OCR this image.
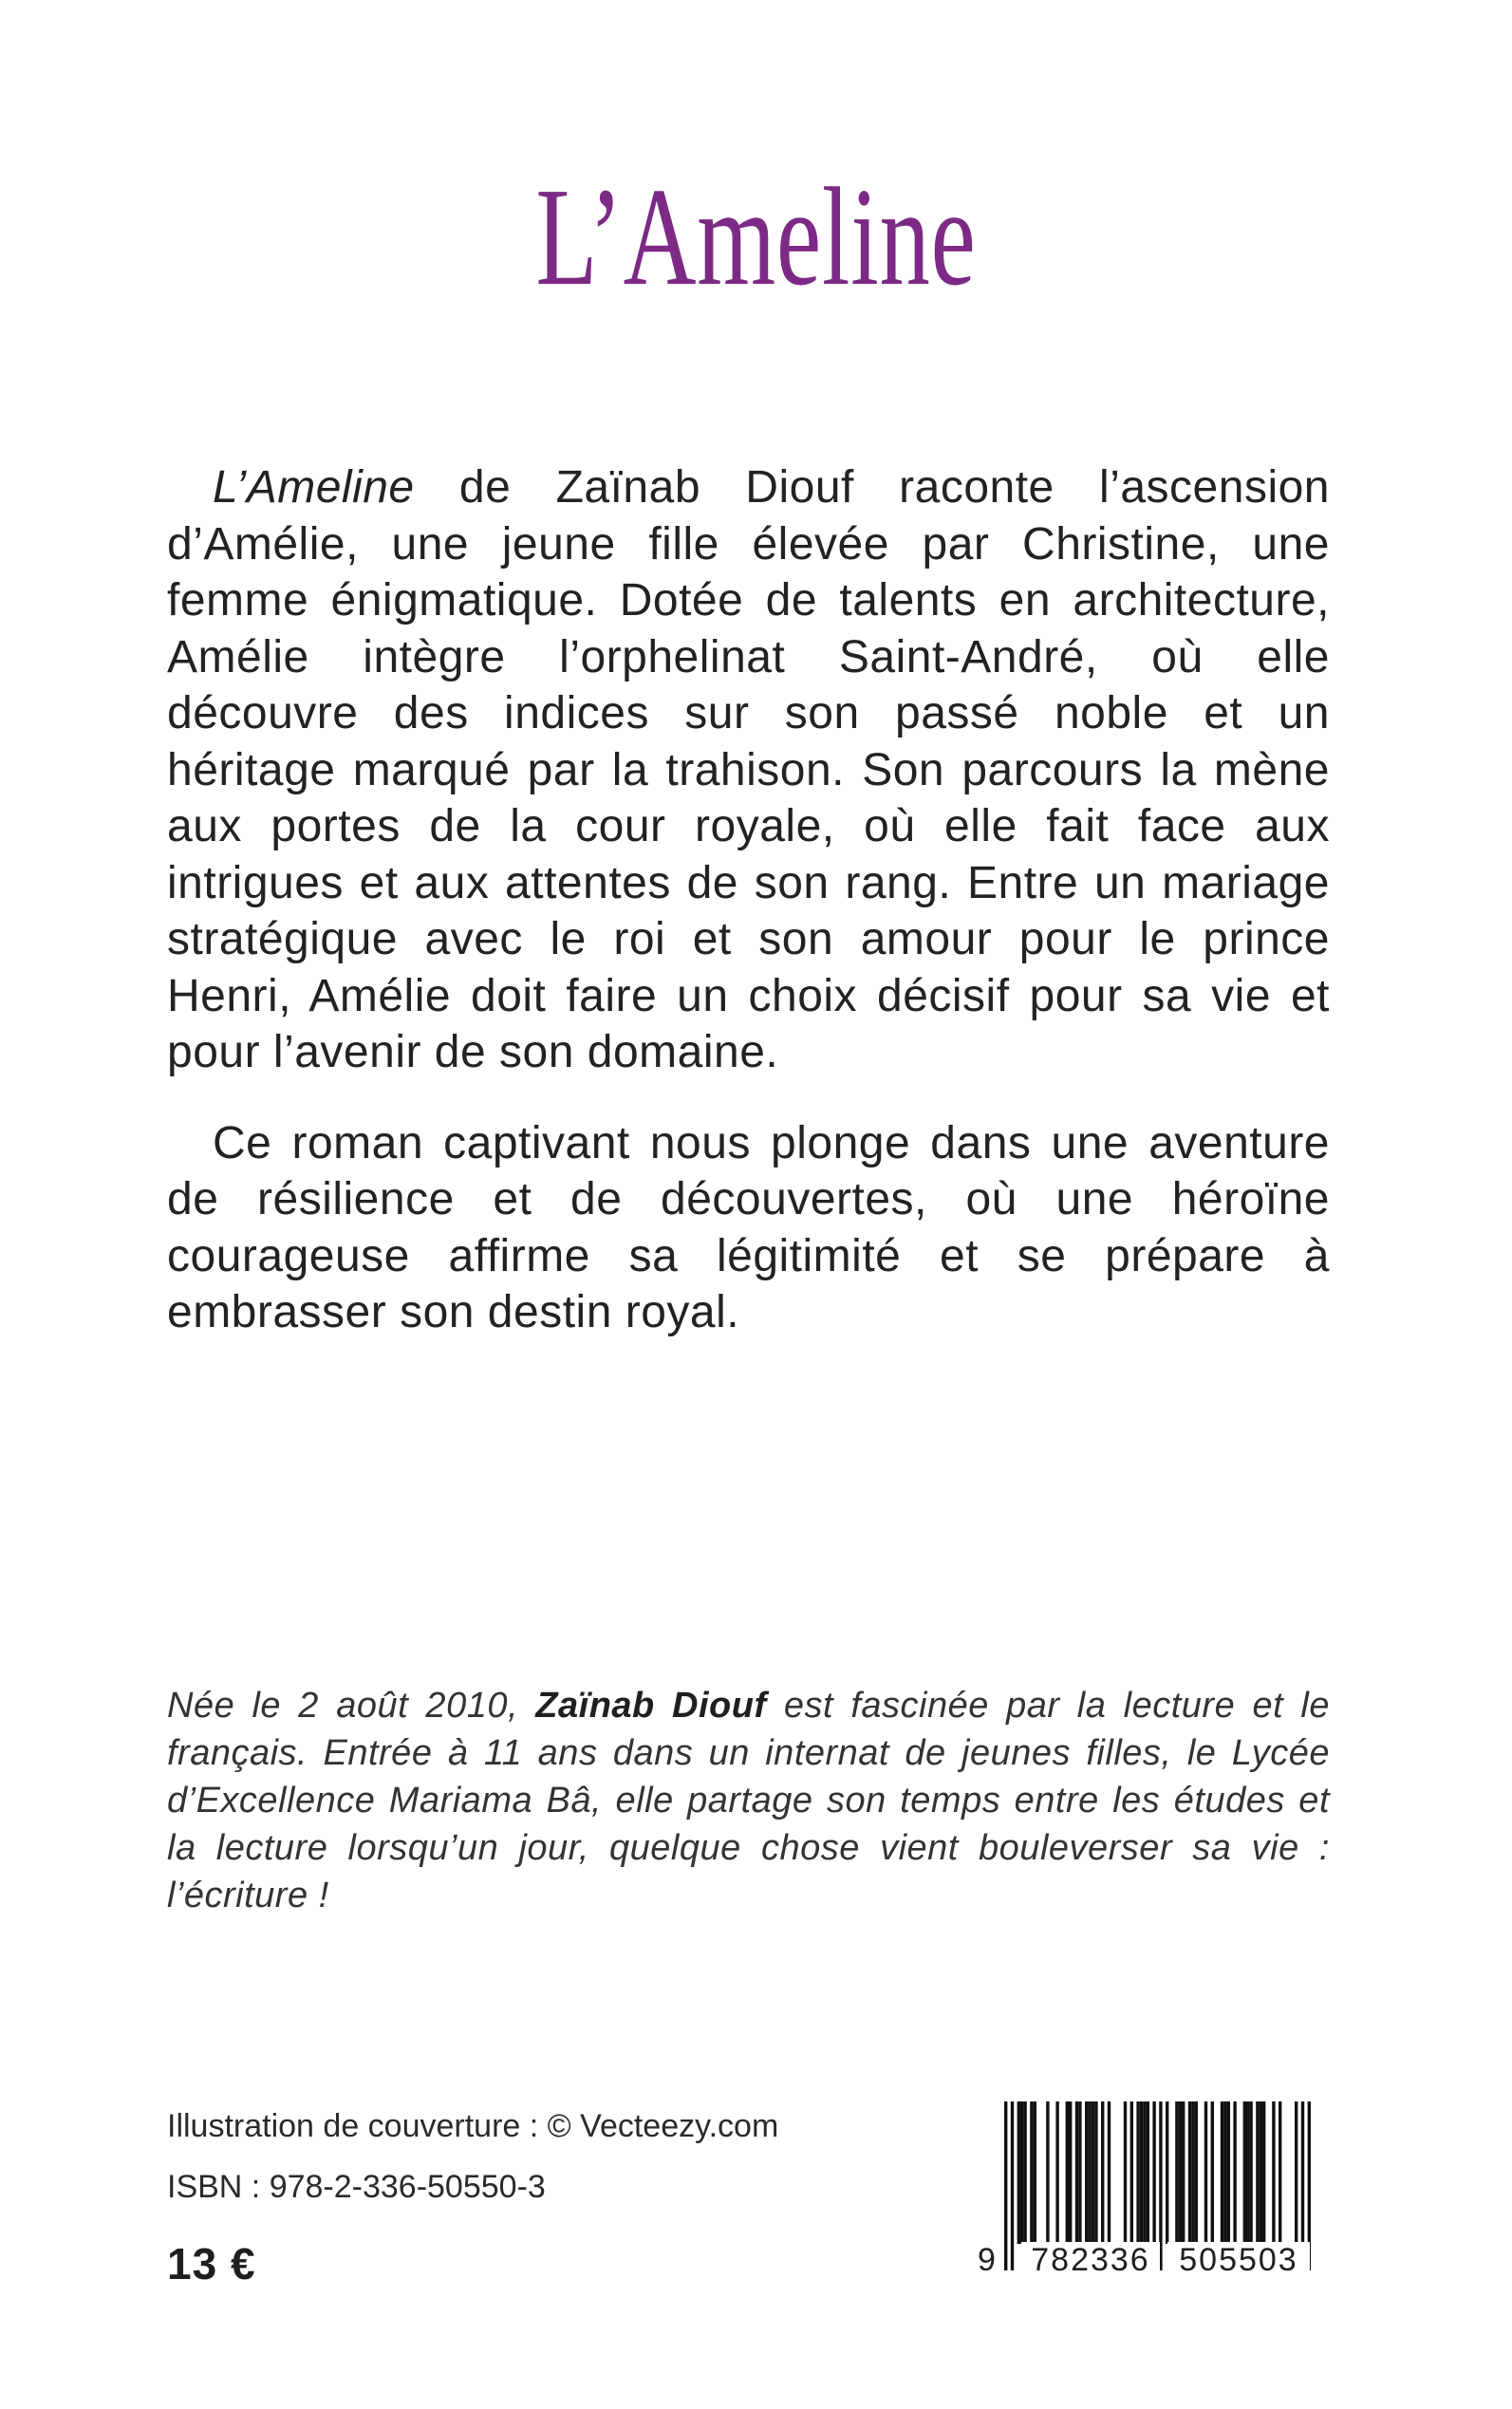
L’Ameline

L’Ameline de Zaïnab Diouf raconte l’ascension d’Amélie, une jeune fille élevée par Christine, une femme énigmatique. Dotée de talents en architecture, Amélie intègre l’orphelinat Saint-André, où elle découvre des indices sur son passé noble et un héritage marqué par la trahison. Son parcours la mène aux portes de la cour royale, où elle fait face aux intrigues et aux attentes de son rang. Entre un mariage stratégique avec le roi et son amour pour le prince Henri, Amélie doit faire un choix décisif pour sa vie et pour l’avenir de son domaine.

Ce roman captivant nous plonge dans une aventure de résilience et de découvertes, où une héroïne courageuse affirme sa légitimité et se prépare à embrasser son destin royal.

Née le 2 août 2010, Zaïnab Diouf est fascinée par la lecture et le français. Entrée à 11 ans dans un internat de jeunes filles, le Lycée d’Excellence Mariama Bâ, elle partage son temps entre les études et la lecture lorsqu’un jour, quelque chose vient bouleverser sa vie : l’écriture !

Illustration de couverture : © Vecteezy.com

ISBN : 978-2-336-50550-3

13 €	9	782336 505503
